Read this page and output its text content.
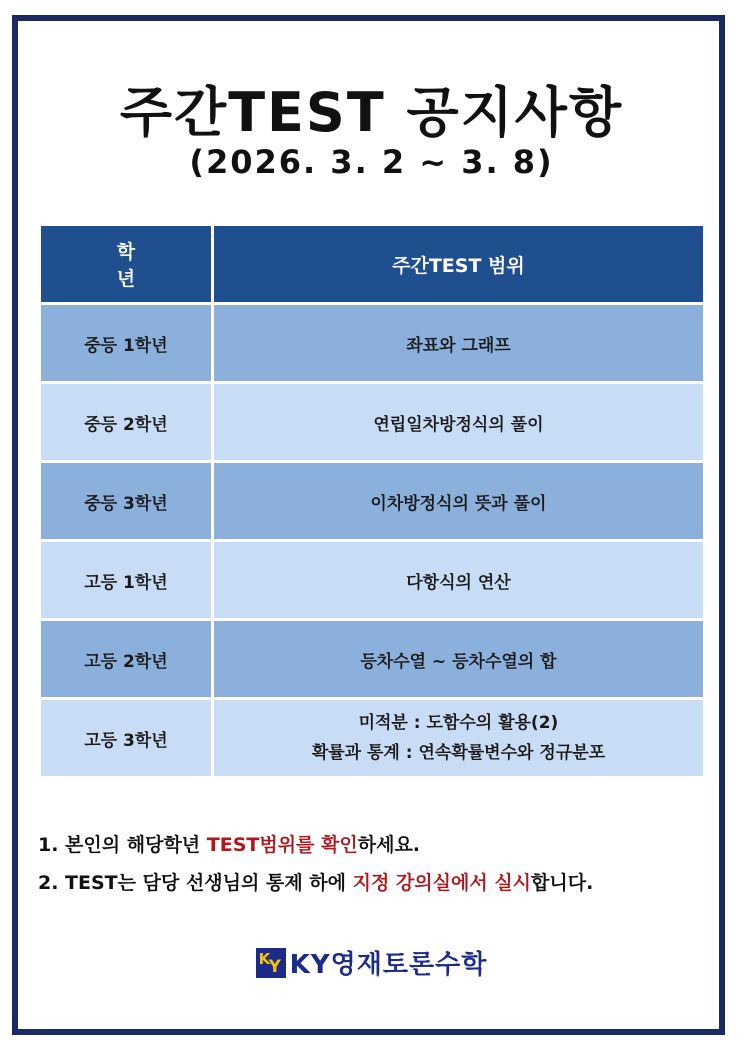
주간TEST 공지사항
(2026. 3. 2 ~ 3. 8)
학 년	주간TEST 범위
중등 1학년	좌표와 그래프
중등 2학년	연립일차방정식의 풀이
중등 3학년	이차방정식의 뜻과 풀이
고등 1학년	다항식의 연산
고등 2학년	등차수열 ~ 등차수열의 합
고등 3학년	미적분 : 도함수의 활용(2)
확률과 통계 : 연속확률변수와 정규분포
1. 본인의 해당학년 TEST범위를 확인하세요.
2. TEST는 담당 선생님의 통제 하에 지정 강의실에서 실시합니다.
K
Y KY영재토론수학
